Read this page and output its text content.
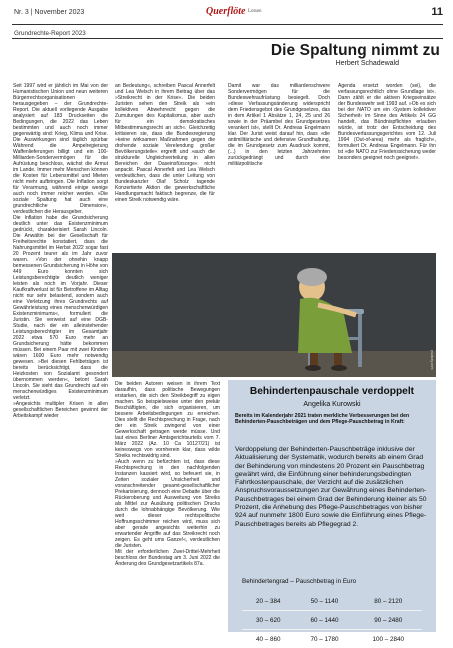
Nr. 3 | November 2023	Querflöte Lotsen	11
Grundrechte-Report 2023
Die Spaltung nimmt zu
Herbert Schadewald
Seit 1997 wird er jährlich im Mai von der Humanistischen Union und neun weiteren Bürgerrechtsorganisationen herausgegeben – der Grundrechte-Report. Die aktuell vorliegende Ausgabe analysiert auf 183 Druckseiten die Bedingungen, die 2022 das Leben bestimmten und auch noch immer gegenwärtig sind: Krieg, Klima und Krise. Die Auswirkungen sind täglich spürbar Während die Ampelregierung Waffenlieferungen billigt und ein 100-Milliarden-Sondervermögen für die Aufrüstung beschloss, wächst die Armut im Lande. Immer mehr Menschen können die Kosten für Lebensmittel und Mieten nicht mehr aufbringen. Die Inflation sorgt für Verarmung, während einige wenige auch noch immer reicher werden. »Die soziale Spaltung hat auch eine grundrechtliche Dimension«, verdeutlichen die Herausgeber.
Die Inflation habe die Grundsicherung deutlich unter das Existenzminimum gedrückt, charakterisiert Sarah Lincoln. Die Anwältin bei der Gesellschaft für Freiheitsrechte konstatiert, dass die Nahrungsmittel im Herbst 2022 sogar fast 20 Prozent teurer als im Jahr zuvor waren. »Von der ohnehin knapp bemessenen Grundsicherung in Höhe von 449 Euro konnten sich Leistungsberechtigte deutlich weniger leisten als noch im Vorjahr. Dieser Kaufkraftverlust ist für Betroffene im Alltag nicht nur sehr belastend, sondern auch eine Verletzung ihres Grundrechts auf Gewährleistung eines menschenwürdigen Existenzminimums«, formuliert die Juristin. Sie verweist auf eine DGB-Studie, nach der ein alleinstehender Leistungsberechtigter im Gesamtjahr 2022 etwa 570 Euro mehr an Grundsicherung hätte bekommen müssen. Bei einem Paar mit zwei Kindern wären 1600 Euro mehr notwendig gewesen. »Bei diesen Fehlbeträgen ist bereits berücksichtigt, dass die Heizkosten von Sozialamt gesondert übernommen werden«, betont Sarah Lincoln. Sie sieht das Grundrecht auf ein menschenwürdiges Existenzminimum verletzt.
»Angesichts multipler Krisen in allen gesellschaftlichen Bereichen gewinnt der Arbeitskampf wieder
an Bedeutung«, schreiben Pascal Annerfelt und Lea Welsch in ihrem Beitrag über das »Streikrecht in der Krise«. Die beiden Juristen sehen den Streik als »ein kollektives Abwehrrecht gegen die Zumutungen des Kapitalismus, aber auch für ein demokratisches Mitbestimmungsrecht an sich«. Gleichzeitig kritisieren sie, dass die Bundesregierung »keine wirksamen Maßnahmen gegen die drohende soziale Verelendung großer Bevölkerungsteile« ergreift und »auch die strukturelle Ungleichverteilung in allen Bereichen der Daseinsfürsorge« nicht anpackt. Pascal Annerfelt und Lea Welsch verdeutlichen, dass die unter Leitung von Bundeskanzler Olaf Scholz tagende Konzertierte Aktion die gewerkschaftliche Handlungsmacht faktisch begrenze, die für einen Streik notwendig wäre.
Damit war das milliardenschwere Sondervermögen für die Bundeswehraufrüstung besiegelt. Doch »diese Verfassungsänderung widerspricht dem Friedensgebot des Grundgesetzes, das in dem Artikel 1 Absätze 1, 24, 25 und 26 sowie in der Präambel des Grundgesetzes verankert ist«, stellt Dr. Andreas Engelmann klar. Der Jurist weist darauf hin, dass »die antimilitärische und defensive Grundhaltung, die im Grundgesetz zum Ausdruck kommt, (...) in den letzten Jahrzehnten zurückgedrängt und durch eine militärpolitische
Agenda ersetzt worden (sei), die verfassungsrechtlich ohne Grundlage ist«. Dann zählt er die aktiven Kriegseinsätze der Bundeswehr seit 1993 auf. »Ob es sich bei der NATO um ein ›System kollektiver Sicherheit‹ im Sinne des Artikels 24 GG handelt, das Bündnispflichten erlauben würde, ist trotz der Entscheidung des Bundesverfassungsgerichtes vom 12. Juli 1994 (Out-of-area) mehr als fraglich«, formuliert Dr. Andreas Engelmann. Für ihn ist »die NATO zur Friedenssicherung weder besonders geeignet noch geeignet«.
pixabay.com
Die beiden Autoren weisen in ihrem Text daraufhin, dass politische Bewegungen erstarken, die sich den Streikbegriff zu eigen machen. So beispielsweise unter den prekär Beschäftigten, die sich organisieren, um bessere Arbeitsbedingungen zu erreichen. Dies stellt die Rechtsprechung in Frage, nach der ein Streik zwingend von einer Gewerkschaft getragen werde müsse. Und laut eines Berliner Amtsgerichtsurteils vom 7. März 2022 (Az. 10 Ca 10127/21) ist keineswegs von vornherein klar, dass wilde Streiks rechtswidrig sind.
»Auch wenn zu befürchten ist, dass diese Rechtsprechung in den nachfolgenden Instanzen kassiert wird, so befeuert sie, in Zeiten sozialer Unsicherheit und voranschreitender gesamt-gesellschaftlicher Prekarisierung, dennoch eine Debatte über die Rückeroberung und Ausweitung von Streiks als Mittel zur Ausübung politischen Drucks durch die lohnabhängige Bevölkerung. Wie weit dieser rechtspolitische Hoffnungsschimmer reichen wird, muss sich aber gerade angesichts weiterhin zu erwartender Angriffe auf das Streikrecht noch zeigen. Es geht ums Ganze!«, verdeutlichen die Juristen.
Mit der erforderlichen Zwei-Drittel-Mehrheit beschloss der Bundestag am 3. Juni 2022 die Änderung des Grundgesetzartikels 87a.
Behindertenpauschale verdoppelt
Angelika Kurowski
Bereits im Kalenderjahr 2021 traten merkliche Verbesserungen bei den Behinderten-Pauschbeträgen und dem Pflege-Pauschbetrag in Kraft:
Verdoppelung der Behinderten-Pauschbeträge inklusive der Aktualisierung der Systematik, wodurch bereits ab einem Grad der Behinderung von mindestens 20 Prozent ein Pauschbetrag gewährt wird, die Einführung einer behinderungsbedingten Fahrtkostenpauschale, der Verzicht auf die zusätzlichen Anspruchsvoraussetzungen zur Gewährung eines Behinderten-Pauschbetrages bei einem Grad der Behinderung kleiner als 50 Prozent, die Anhebung des Pflege-Pauschbetrages von bisher 924 auf nunmehr 1800 Euro sowie die Einführung eines Pflege-Pauschbetrages bereits ab Pflegegrad 2.
Behindertengrad – Pauschbetrag in Euro
20 – 384	50 – 1140	80 – 2120
30 – 620	60 – 1440	90 – 2480
40 – 860	70 – 1780	100 – 2840
